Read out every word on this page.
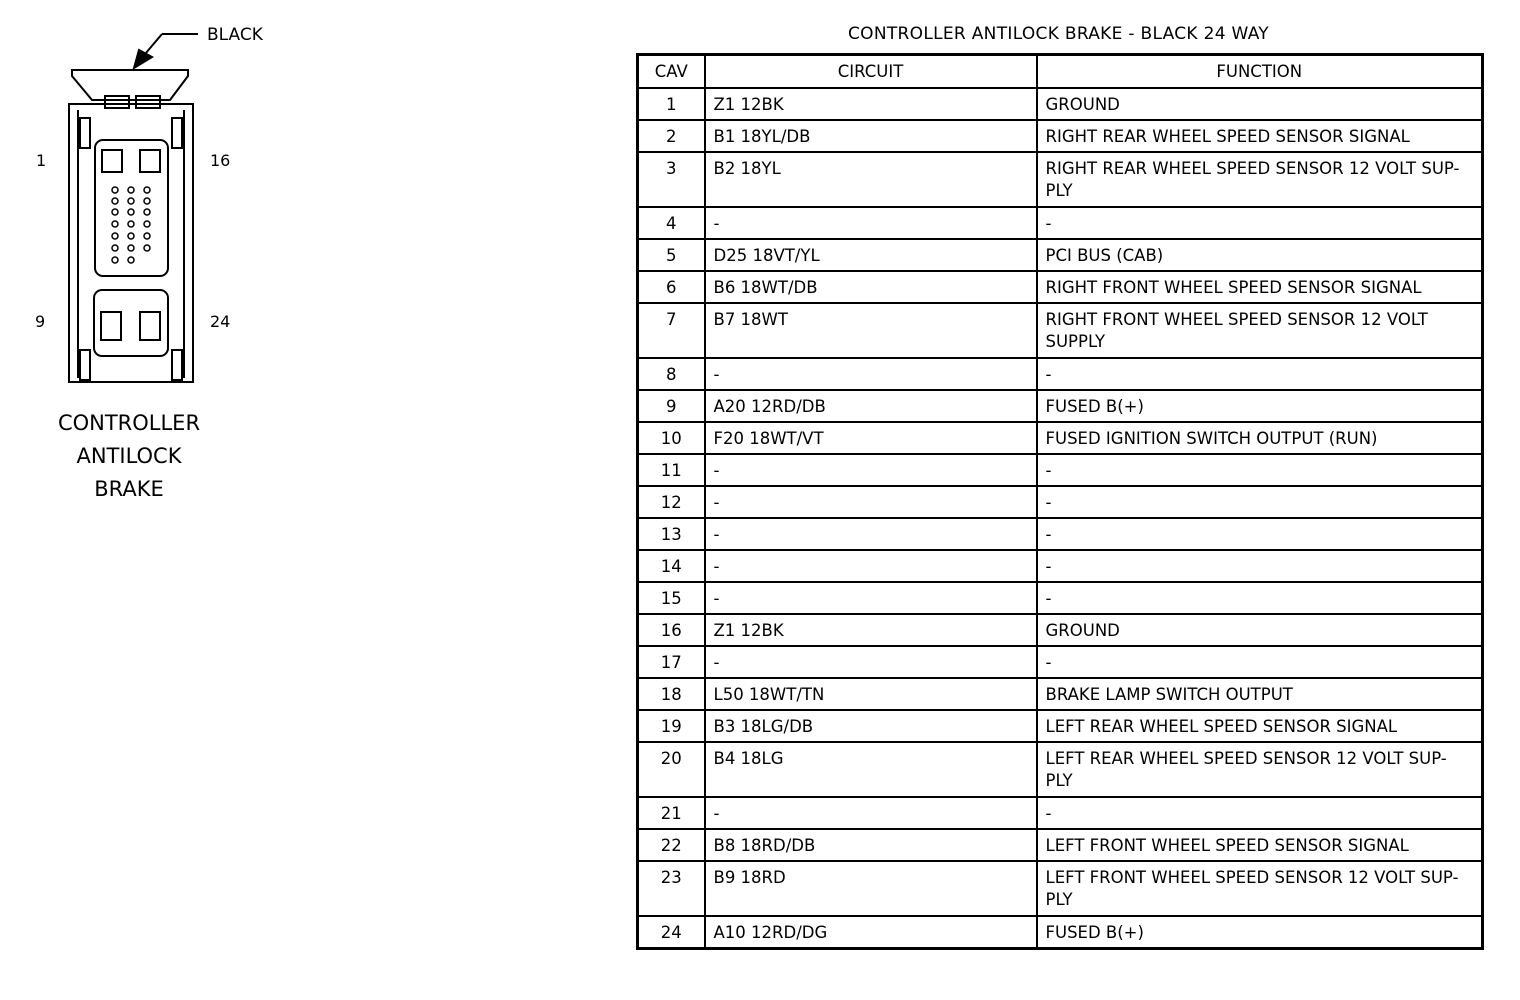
BLACK
1	16
9	24
CONTROLLER
ANTILOCK
BRAKE
CONTROLLER ANTILOCK BRAKE - BLACK 24 WAY
CAV	CIRCUIT	FUNCTION
1	Z1 12BK	GROUND
2	B1 18YL/DB	RIGHT REAR WHEEL SPEED SENSOR SIGNAL
3	B2 18YL	RIGHT REAR WHEEL SPEED SENSOR 12 VOLT SUP-PLY
4	-	-
5	D25 18VT/YL	PCI BUS (CAB)
6	B6 18WT/DB	RIGHT FRONT WHEEL SPEED SENSOR SIGNAL
7	B7 18WT	RIGHT FRONT WHEEL SPEED SENSOR 12 VOLT SUPPLY
8	-	-
9	A20 12RD/DB	FUSED B(+)
10	F20 18WT/VT	FUSED IGNITION SWITCH OUTPUT (RUN)
11	-	-
12	-	-
13	-	-
14	-	-
15	-	-
16	Z1 12BK	GROUND
17	-	-
18	L50 18WT/TN	BRAKE LAMP SWITCH OUTPUT
19	B3 18LG/DB	LEFT REAR WHEEL SPEED SENSOR SIGNAL
20	B4 18LG	LEFT REAR WHEEL SPEED SENSOR 12 VOLT SUP-PLY
21	-	-
22	B8 18RD/DB	LEFT FRONT WHEEL SPEED SENSOR SIGNAL
23	B9 18RD	LEFT FRONT WHEEL SPEED SENSOR 12 VOLT SUP-PLY
24	A10 12RD/DG	FUSED B(+)
